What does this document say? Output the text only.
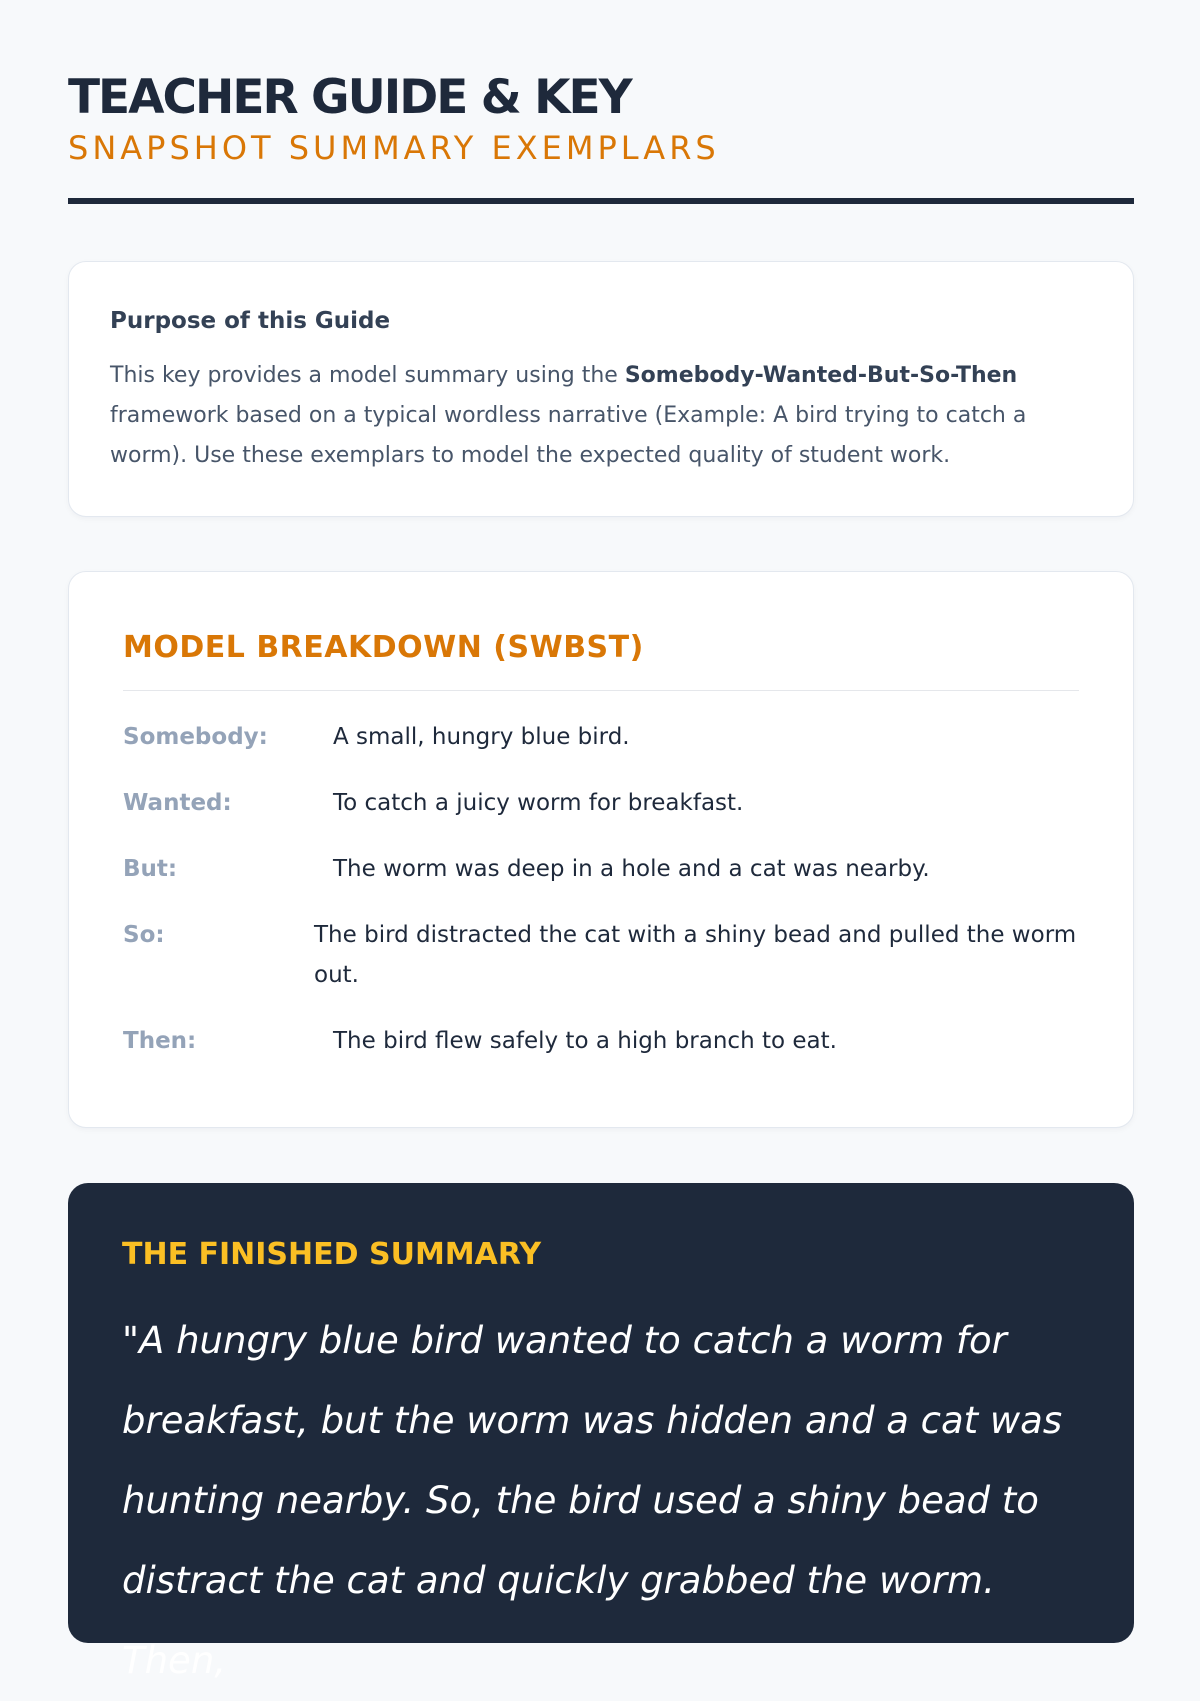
TEACHER GUIDE & KEY
SNAPSHOT SUMMARY EXEMPLARS
Purpose of this Guide

This key provides a model summary using the Somebody-Wanted-But-So-Then framework based on a typical wordless narrative (Example: A bird trying to catch a worm). Use these exemplars to model the expected quality of student work.

MODEL BREAKDOWN (SWBST)
Somebody:	A small, hungry blue bird.
Wanted:	To catch a juicy worm for breakfast.
But:	The worm was deep in a hole and a cat was nearby.
So:	The bird distracted the cat with a shiny bead and pulled the worm out.
Then:	The bird flew safely to a high branch to eat.
THE FINISHED SUMMARY

"A hungry blue bird wanted to catch a worm for breakfast, but the worm was hidden and a cat was hunting nearby. So, the bird used a shiny bead to distract the cat and quickly grabbed the worm. Then,
